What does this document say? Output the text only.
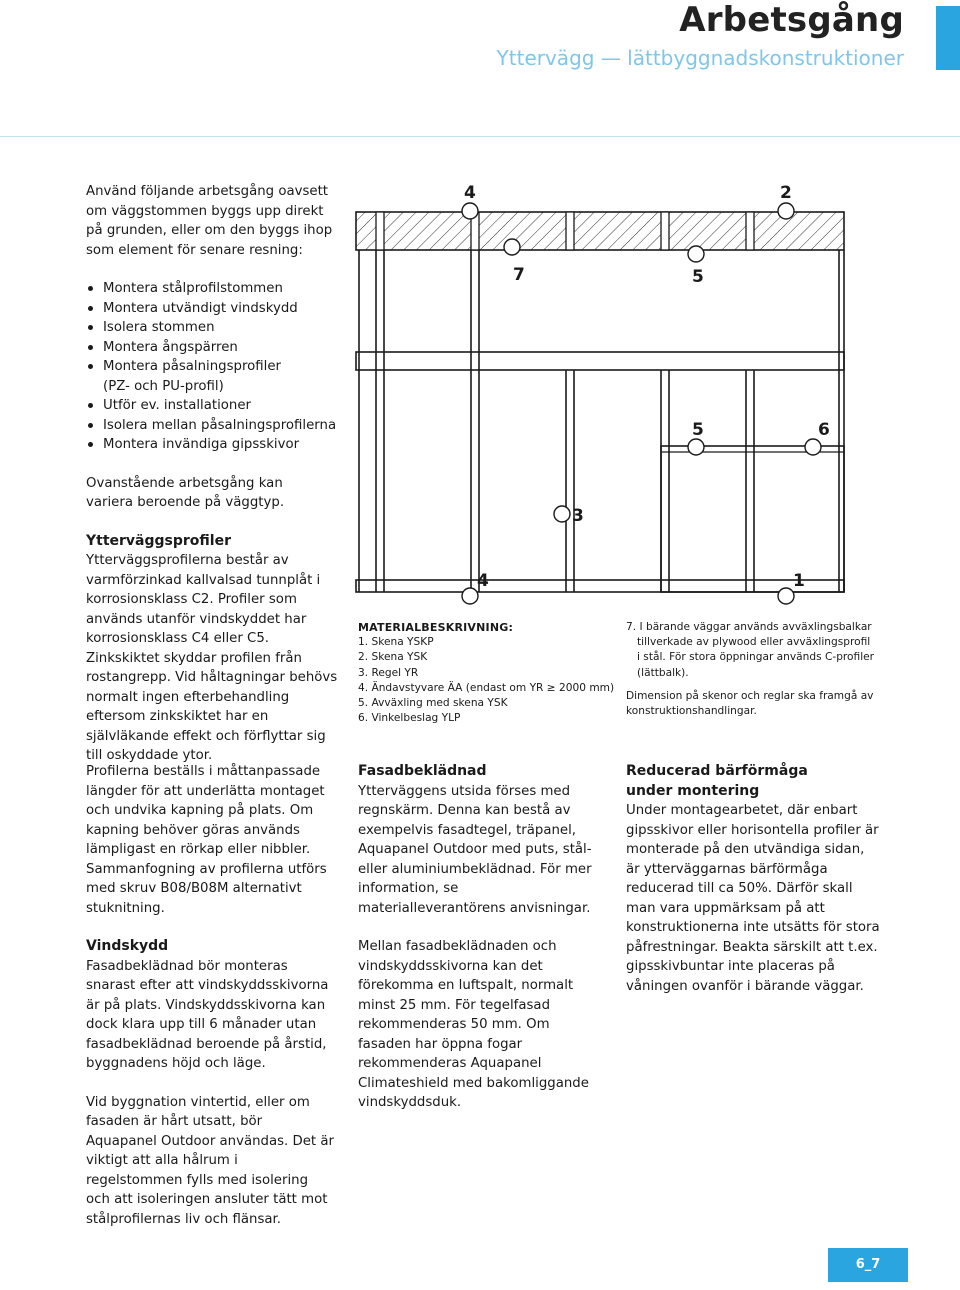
Arbetsgång
Yttervägg — lättbyggnadskonstruktioner

Använd följande arbetsgång oavsett om väggstommen byggs upp direkt på grunden, eller om den byggs ihop som element för senare resning:

Montera stålprofilstommen
Montera utvändigt vindskydd
Isolera stommen
Montera ångspärren
Montera påsalningsprofiler (PZ- och PU-profil)
Utför ev. installationer
Isolera mellan påsalningsprofilerna
Montera invändiga gipsskivor

Ovanstående arbetsgång kan variera beroende på väggtyp.

Ytterväggsprofiler

Ytterväggsprofilerna består av varmförzinkad kallvalsad tunnplåt i korrosionsklass C2. Profiler som används utanför vindskyddet har korrosionsklass C4 eller C5. Zinkskiktet skyddar profilen från rostangrepp. Vid håltagningar behövs normalt ingen efterbehandling eftersom zinkskiktet har en självläkande effekt och förflyttar sig till oskyddade ytor.

4	2
7	5
5	6
3
4	1

MATERIALBESKRIVNING:

1. Skena YSKP

2. Skena YSK

3. Regel YR

4. Ändavstyvare ÄA (endast om YR ≥ 2000 mm)

5. Avväxling med skena YSK

6. Vinkelbeslag YLP

7. I bärande väggar används avväxlingsbalkar

tillverkade av plywood eller avväxlingsprofil i stål. För stora öppningar används C-profiler (lättbalk).

Dimension på skenor och reglar ska framgå av konstruktionshandlingar.

Profilerna beställs i måttanpassade längder för att underlätta montaget och undvika kapning på plats. Om kapning behöver göras används lämpligast en rörkap eller nibbler. Sammanfogning av profilerna utförs med skruv B08/B08M alternativt stuknitning.

Vindskydd

Fasadbeklädnad bör monteras snarast efter att vindskyddsskivorna är på plats. Vindskyddsskivorna kan dock klara upp till 6 månader utan fasadbeklädnad beroende på årstid, byggnadens höjd och läge.

Vid byggnation vintertid, eller om fasaden är hårt utsatt, bör Aquapanel Outdoor användas. Det är viktigt att alla hålrum i regelstommen fylls med isolering och att isoleringen ansluter tätt mot stålprofilernas liv och flänsar.

Fasadbeklädnad

Ytterväggens utsida förses med regnskärm. Denna kan bestå av exempelvis fasadtegel, träpanel, Aquapanel Outdoor med puts, stål- eller aluminiumbeklädnad. För mer information, se materialleverantörens anvisningar.

Mellan fasadbeklädnaden och vindskyddsskivorna kan det förekomma en luftspalt, normalt minst 25 mm. För tegelfasad rekommenderas 50 mm. Om fasaden har öppna fogar rekommenderas Aquapanel Climateshield med bakomliggande vindskyddsduk.

Reducerad bärförmåga under montering

Under montagearbetet, där enbart gipsskivor eller horisontella profiler är monterade på den utvändiga sidan, är ytterväggarnas bärförmåga reducerad till ca 50%. Därför skall man vara uppmärksam på att konstruktionerna inte utsätts för stora påfrestningar. Beakta särskilt att t.ex. gipsskivbuntar inte placeras på våningen ovanför i bärande väggar.

6_7
